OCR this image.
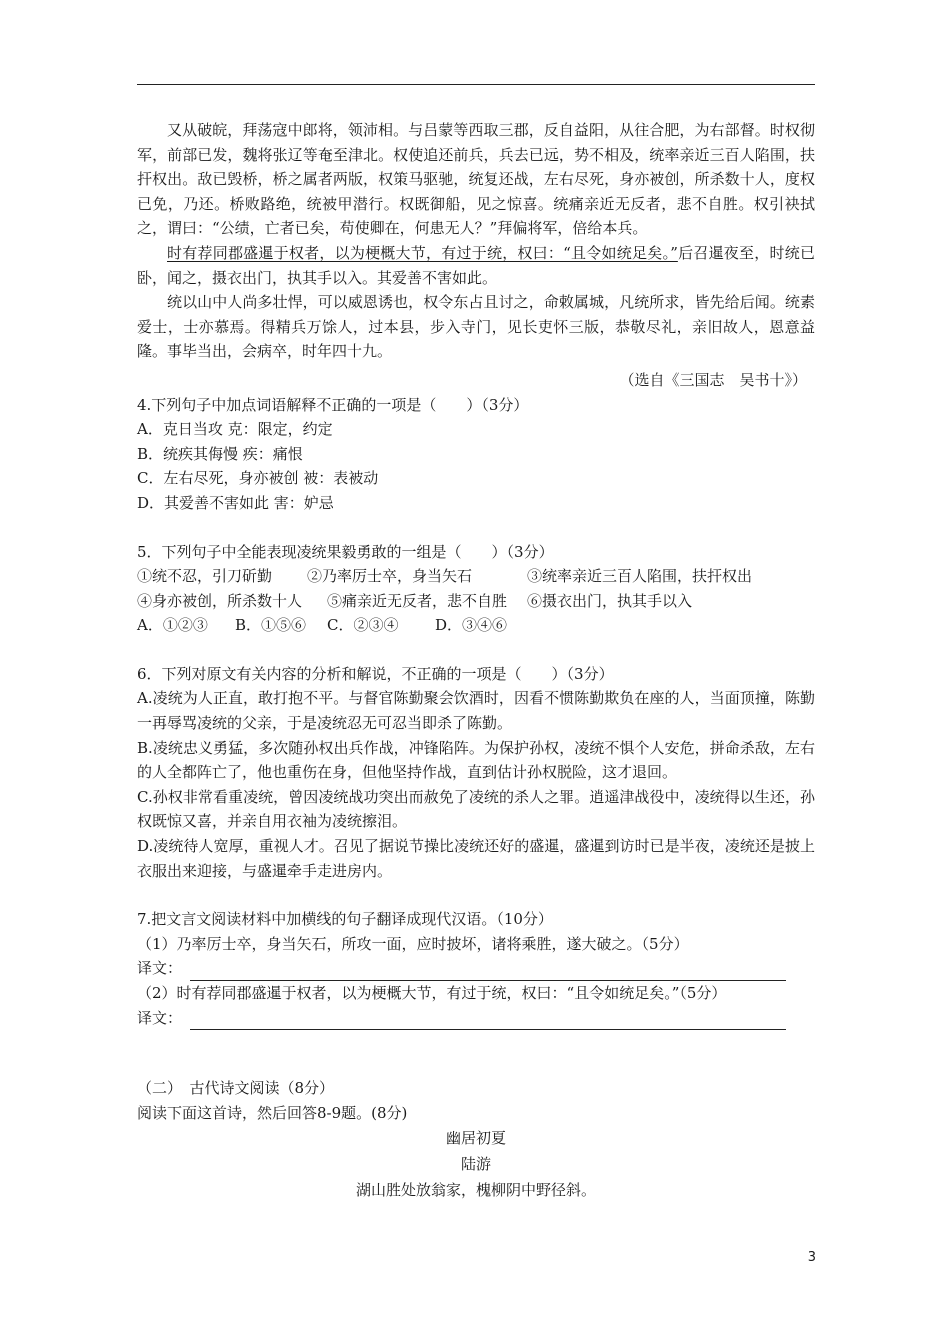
又从破皖，拜荡寇中郎将，领沛相。与吕蒙等西取三郡，反自益阳，从往合肥，为右部督。时权彻军，前部已发，魏将张辽等奄至津北。权使追还前兵，兵去已远，势不相及，统率亲近三百人陷围，扶扞权出。敌已毁桥，桥之属者两版，权策马驱驰，统复还战，左右尽死，身亦被创，所杀数十人，度权已免，乃还。桥败路绝，统被甲潜行。权既御船，见之惊喜。统痛亲近无反者，悲不自胜。权引袂拭之，谓曰：“公绩，亡者已矣，苟使卿在，何患无人？”拜偏将军，倍给本兵。

时有荐同郡盛暹于权者，以为梗概大节，有过于统，权曰：“且令如统足矣。”后召暹夜至，时统已卧，闻之，摄衣出门，执其手以入。其爱善不害如此。

统以山中人尚多壮悍，可以威恩诱也，权令东占且讨之，命敕属城，凡统所求，皆先给后闻。统素爱士，士亦慕焉。得精兵万馀人，过本县，步入寺门，见长吏怀三版，恭敬尽礼，亲旧故人，恩意益隆。事毕当出，会病卒，时年四十九。

（选自《三国志　吴书十》）

4.下列句子中加点词语解释不正确的一项是（　　）（3分）

A．克日当攻 克：限定，约定

B．统疾其侮慢 疾：痛恨

C．左右尽死，身亦被创 被：表被动

D．其爱善不害如此 害：妒忌

5．下列句子中全能表现凌统果毅勇敢的一组是（　　）（3分）

①统不忍，引刀斫勤	②乃率厉士卒，身当矢石	③统率亲近三百人陷围，扶扞权出
④身亦被创，所杀数十人	⑤痛亲近无反者，悲不自胜	⑥摄衣出门，执其手以入
A．①②③	B．①⑤⑥	C．②③④	D．③④⑥

6．下列对原文有关内容的分析和解说，不正确的一项是（　　）（3分）

A.凌统为人正直，敢打抱不平。与督官陈勤聚会饮酒时，因看不惯陈勤欺负在座的人，当面顶撞，陈勤一再辱骂凌统的父亲，于是凌统忍无可忍当即杀了陈勤。

B.凌统忠义勇猛，多次随孙权出兵作战，冲锋陷阵。为保护孙权，凌统不惧个人安危，拼命杀敌，左右的人全都阵亡了，他也重伤在身，但他坚持作战，直到估计孙权脱险，这才退回。

C.孙权非常看重凌统，曾因凌统战功突出而赦免了凌统的杀人之罪。逍遥津战役中，凌统得以生还，孙权既惊又喜，并亲自用衣袖为凌统擦泪。

D.凌统待人宽厚，重视人才。召见了据说节操比凌统还好的盛暹，盛暹到访时已是半夜，凌统还是披上衣服出来迎接，与盛暹牵手走进房内。

7.把文言文阅读材料中加横线的句子翻译成现代汉语。（10分）

（1）乃率厉士卒，身当矢石，所攻一面，应时披坏，诸将乘胜，遂大破之。（5分）

译文：

（2）时有荐同郡盛暹于权者，以为梗概大节，有过于统，权曰：“且令如统足矣。”（5分）

译文：

（二）　古代诗文阅读（8分）

阅读下面这首诗，然后回答8-9题。(8分)

幽居初夏
陆游
湖山胜处放翁家，槐柳阴中野径斜。
3
